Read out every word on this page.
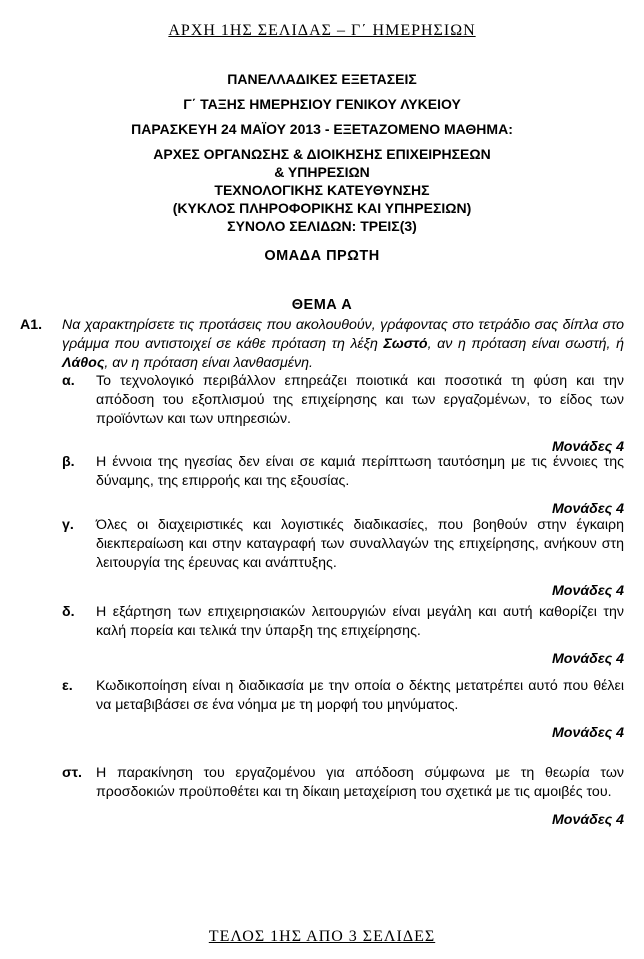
ΑΡΧΗ 1ΗΣ ΣΕΛΙΔΑΣ – Γ΄ ΗΜΕΡΗΣΙΩΝ
ΠΑΝΕΛΛΑΔΙΚΕΣ ΕΞΕΤΑΣΕΙΣ
Γ΄ ΤΑΞΗΣ ΗΜΕΡΗΣΙΟΥ ΓΕΝΙΚΟΥ ΛΥΚΕΙΟΥ
ΠΑΡΑΣΚΕΥΗ 24 ΜΑΪΟΥ 2013 - ΕΞΕΤΑΖΟΜΕΝΟ ΜΑΘΗΜΑ:
ΑΡΧΕΣ ΟΡΓΑΝΩΣΗΣ & ΔΙΟΙΚΗΣΗΣ ΕΠΙΧΕΙΡΗΣΕΩΝ
& ΥΠΗΡΕΣΙΩΝ
ΤΕΧΝΟΛΟΓΙΚΗΣ ΚΑΤΕΥΘΥΝΣΗΣ
(ΚΥΚΛΟΣ ΠΛΗΡΟΦΟΡΙΚΗΣ ΚΑΙ ΥΠΗΡΕΣΙΩΝ)
ΣΥΝΟΛΟ ΣΕΛΙΔΩΝ: ΤΡΕΙΣ(3)
ΟΜΑΔΑ ΠΡΩΤΗ
ΘΕΜΑ Α
Α1. Να χαρακτηρίσετε τις προτάσεις που ακολουθούν, γράφοντας στο τετράδιο σας δίπλα στο γράμμα που αντιστοιχεί σε κάθε πρόταση τη λέξη Σωστό, αν η πρόταση είναι σωστή, ή Λάθος, αν η πρόταση είναι λανθασμένη.
α. Το τεχνολογικό περιβάλλον επηρεάζει ποιοτικά και ποσοτικά τη φύση και την απόδοση του εξοπλισμού της επιχείρησης και των εργαζομένων, το είδος των προϊόντων και των υπηρεσιών.
Μονάδες 4
β. Η έννοια της ηγεσίας δεν είναι σε καμιά περίπτωση ταυτόσημη με τις έννοιες της δύναμης, της επιρροής και της εξουσίας.
Μονάδες 4
γ. Όλες οι διαχειριστικές και λογιστικές διαδικασίες, που βοηθούν στην έγκαιρη διεκπεραίωση και στην καταγραφή των συναλλαγών της επιχείρησης, ανήκουν στη λειτουργία της έρευνας και ανάπτυξης.
Μονάδες 4
δ. Η εξάρτηση των επιχειρησιακών λειτουργιών είναι μεγάλη και αυτή καθορίζει την καλή πορεία και τελικά την ύπαρξη της επιχείρησης.
Μονάδες 4
ε. Κωδικοποίηση είναι η διαδικασία με την οποία ο δέκτης μετατρέπει αυτό που θέλει να μεταβιβάσει σε ένα νόημα με τη μορφή του μηνύματος.
Μονάδες 4
στ. Η παρακίνηση του εργαζομένου για απόδοση σύμφωνα με τη θεωρία των προσδοκιών προϋποθέτει και τη δίκαιη μεταχείριση του σχετικά με τις αμοιβές του.
Μονάδες 4
ΤΕΛΟΣ 1ΗΣ ΑΠΟ 3 ΣΕΛΙΔΕΣ
